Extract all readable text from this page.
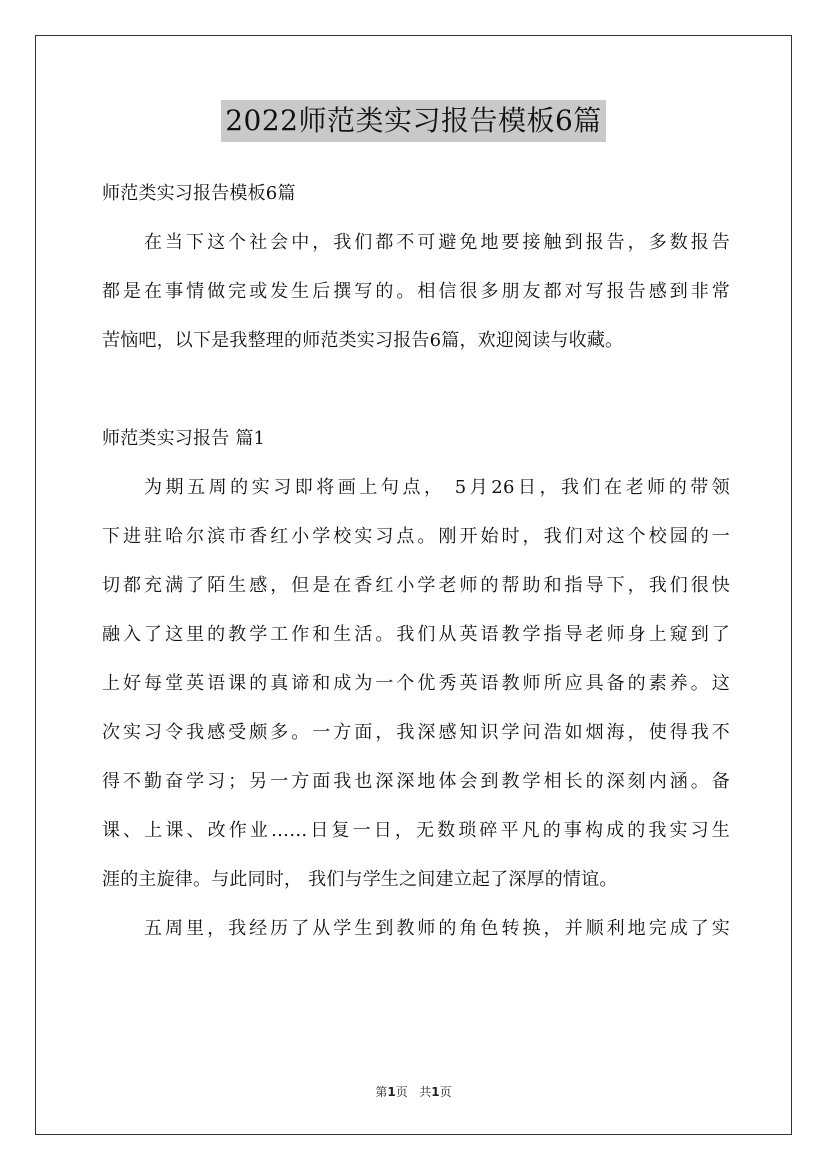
2022师范类实习报告模板6篇
师范类实习报告模板6篇
在当下这个社会中，我们都不可避免地要接触到报告，多数报告
都是在事情做完或发生后撰写的。相信很多朋友都对写报告感到非常
苦恼吧，以下是我整理的师范类实习报告6篇，欢迎阅读与收藏。
师范类实习报告 篇1
为期五周的实习即将画上句点， 5月26日，我们在老师的带领
下进驻哈尔滨市香红小学校实习点。刚开始时，我们对这个校园的一
切都充满了陌生感，但是在香红小学老师的帮助和指导下，我们很快
融入了这里的教学工作和生活。我们从英语教学指导老师身上窥到了
上好每堂英语课的真谛和成为一个优秀英语教师所应具备的素养。这
次实习令我感受颇多。一方面，我深感知识学问浩如烟海，使得我不
得不勤奋学习；另一方面我也深深地体会到教学相长的深刻内涵。备
课、上课、改作业……日复一日，无数琐碎平凡的事构成的我实习生
涯的主旋律。与此同时， 我们与学生之间建立起了深厚的情谊。
五周里，我经历了从学生到教师的角色转换，并顺利地完成了实
第1页 共1页
